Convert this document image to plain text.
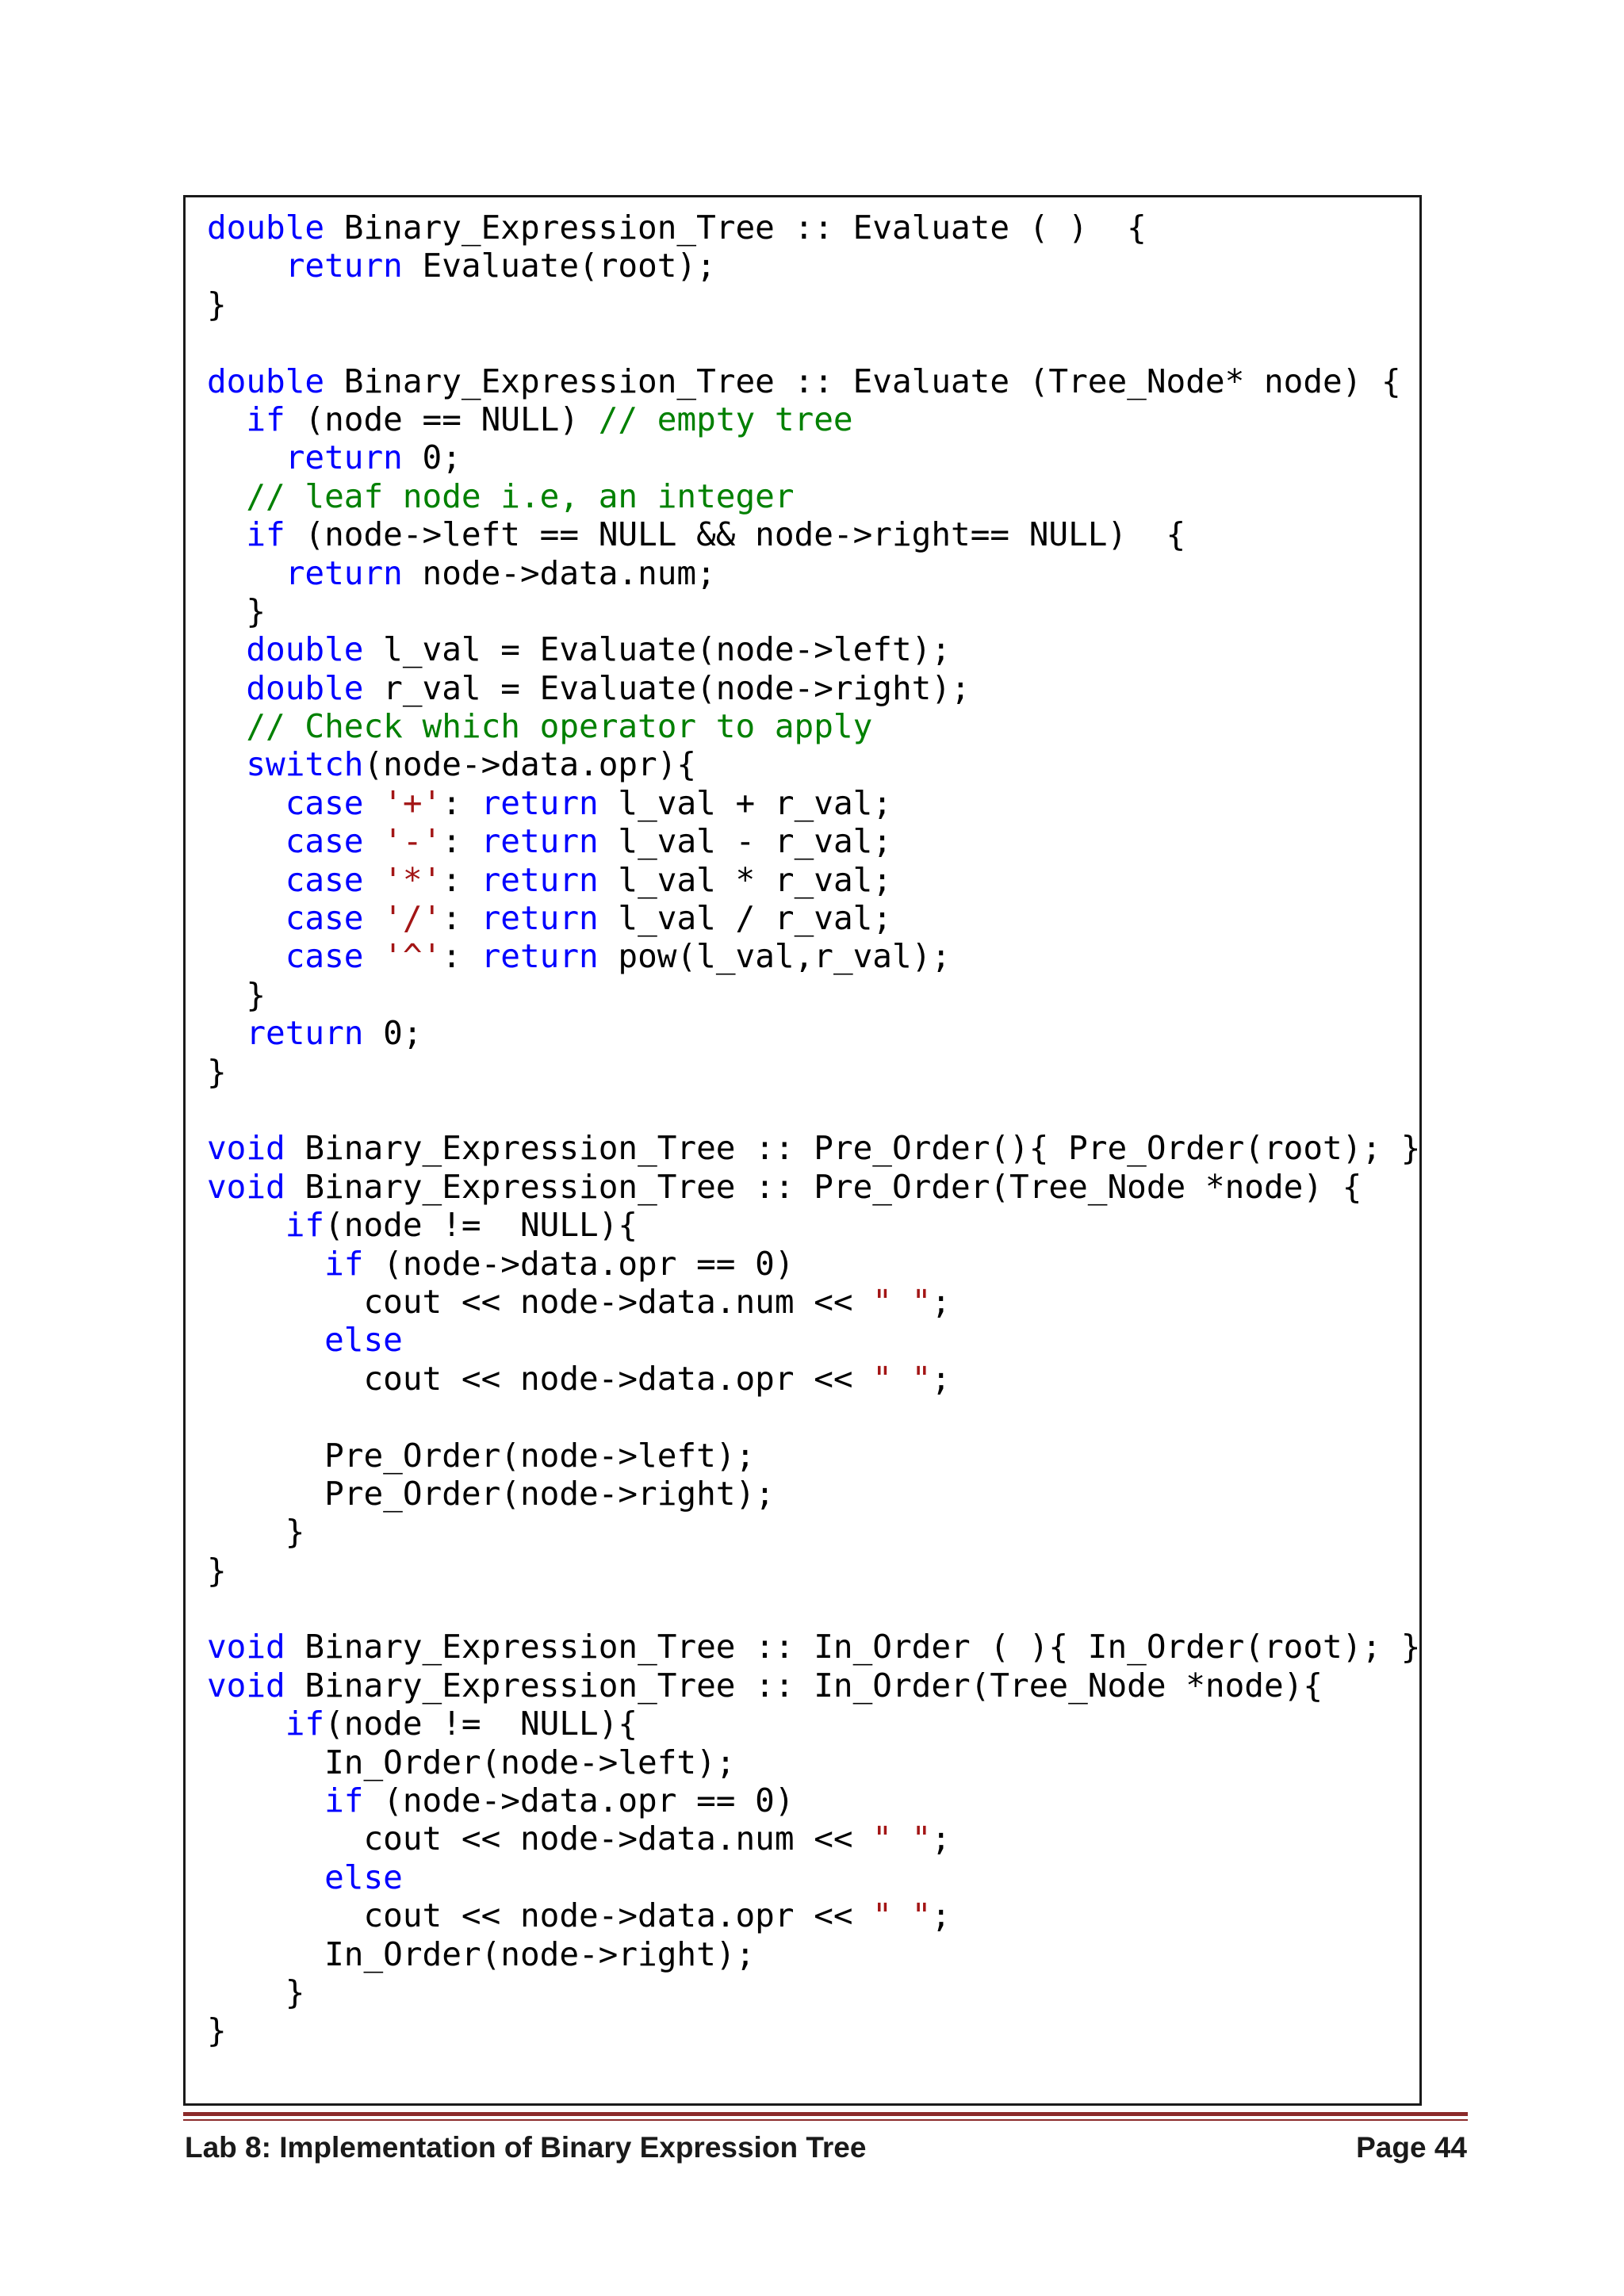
double Binary_Expression_Tree :: Evaluate ( )  {
return Evaluate(root);
}
double Binary_Expression_Tree :: Evaluate (Tree_Node* node) {
if (node == NULL) // empty tree
return 0;
// leaf node i.e, an integer
if (node->left == NULL && node->right== NULL)  {
return node->data.num;
}
double l_val = Evaluate(node->left);
double r_val = Evaluate(node->right);
// Check which operator to apply
switch(node->data.opr){
case '+': return l_val + r_val;
case '-': return l_val - r_val;
case '*': return l_val * r_val;
case '/': return l_val / r_val;
case '^': return pow(l_val,r_val);
}
return 0;
}
void Binary_Expression_Tree :: Pre_Order(){ Pre_Order(root); }
void Binary_Expression_Tree :: Pre_Order(Tree_Node *node) {
if(node !=  NULL){
if (node->data.opr == 0)
cout << node->data.num << " ";
else
cout << node->data.opr << " ";
Pre_Order(node->left);
Pre_Order(node->right);
}
}
void Binary_Expression_Tree :: In_Order ( ){ In_Order(root); }
void Binary_Expression_Tree :: In_Order(Tree_Node *node){
if(node !=  NULL){
In_Order(node->left);
if (node->data.opr == 0)
cout << node->data.num << " ";
else
cout << node->data.opr << " ";
In_Order(node->right);
}
}
Lab 8: Implementation of Binary Expression Tree	Page 44
